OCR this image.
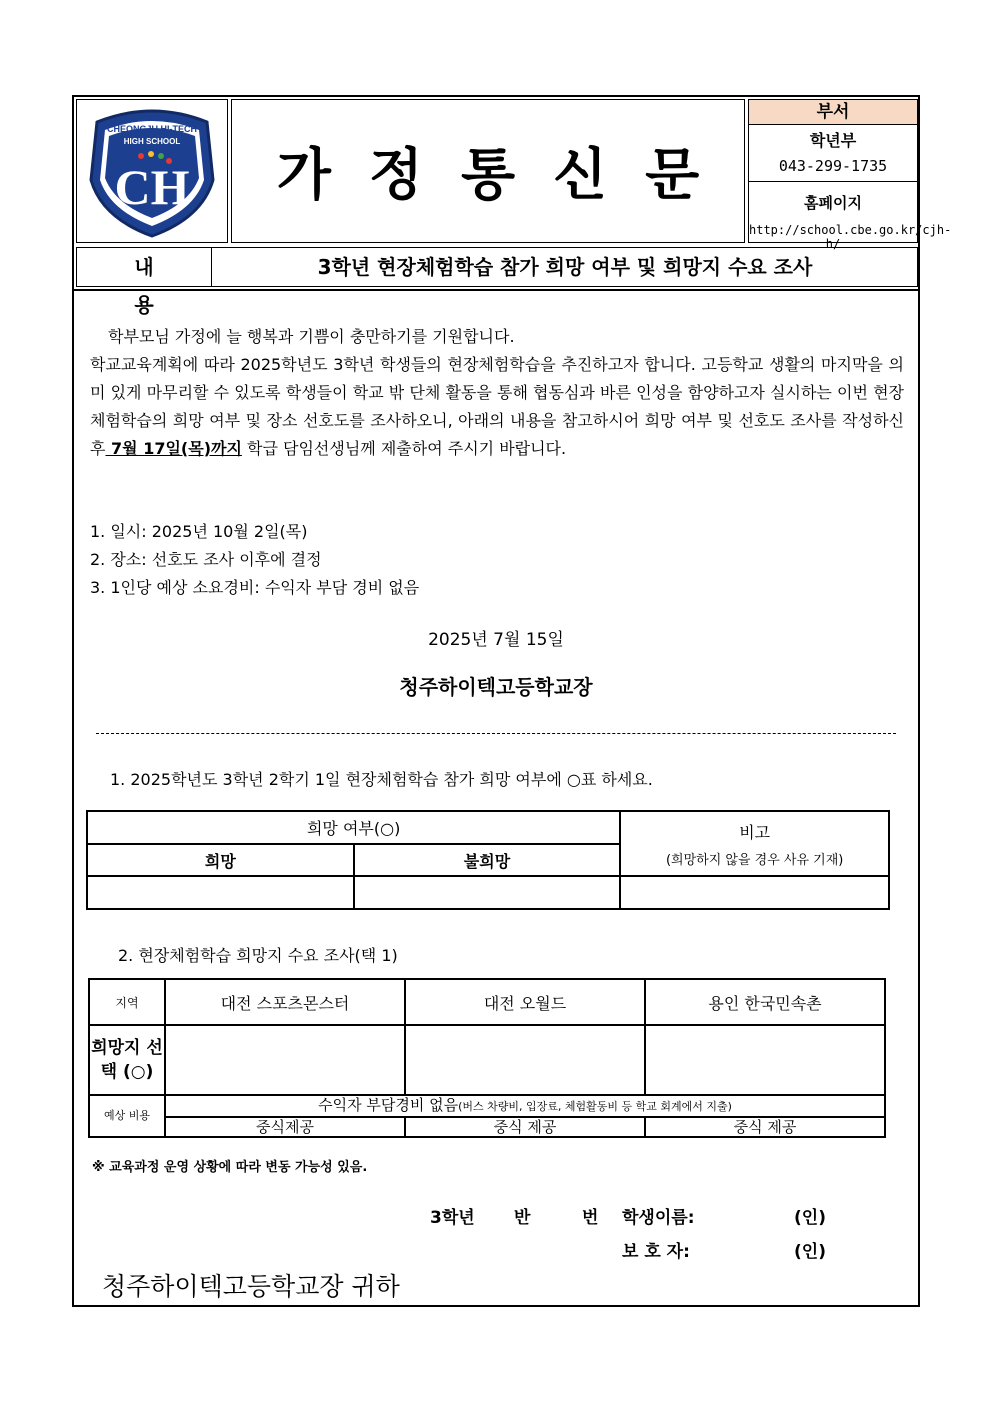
CHEONGJU HI-TECH
HIGH SCHOOL
CH	가정통신문
부서
학년부
043-299-1735
홈페이지
http://school.cbe.go.kr/cjh-h/
내 용
3학년 현장체험학습 참가 희망 여부 및 희망지 수요 조사

학부모님 가정에 늘 행복과 기쁨이 충만하기를 기원합니다.

학교교육계획에 따라 2025학년도 3학년 학생들의 현장체험학습을 추진하고자 합니다. 고등학교 생활의 마지막을 의미 있게 마무리할 수 있도록 학생들이 학교 밖 단체 활동을 통해 협동심과 바른 인성을 함양하고자 실시하는 이번 현장체험학습의 희망 여부 및 장소 선호도를 조사하오니, 아래의 내용을 참고하시어 희망 여부 및 선호도 조사를 작성하신 후 7월 17일(목)까지 학급 담임선생님께 제출하여 주시기 바랍니다.

1. 일시: 2025년 10월 2일(목)
2. 장소: 선호도 조사 이후에 결정
3. 1인당 예상 소요경비: 수익자 부담 경비 없음
2025년 7월 15일
청주하이텍고등학교장
1. 2025학년도 3학년 2학기 1일 현장체험학습 참가 희망 여부에 ○표 하세요.
희망 여부(○)		비고
(희망하지 않을 경우 사유 기재)

희망	불희망	

2. 현장체험학습 희망지 수요 조사(택 1)
지역	대전 스포츠몬스터	대전 오월드	용인 한국민속촌
희망지 선택 (○)			
예상 비용	수익자 부담경비 없음(버스 차량비, 입장료, 체험활동비 등 학교 회계에서 지출)		
	중식제공	중식 제공	중식 제공
※ 교육과정 운영 상황에 따라 변동 가능성 있음.
3학년 반	번 학생이름:	(인)
보 호 자:	(인)
청주하이텍고등학교장 귀하
